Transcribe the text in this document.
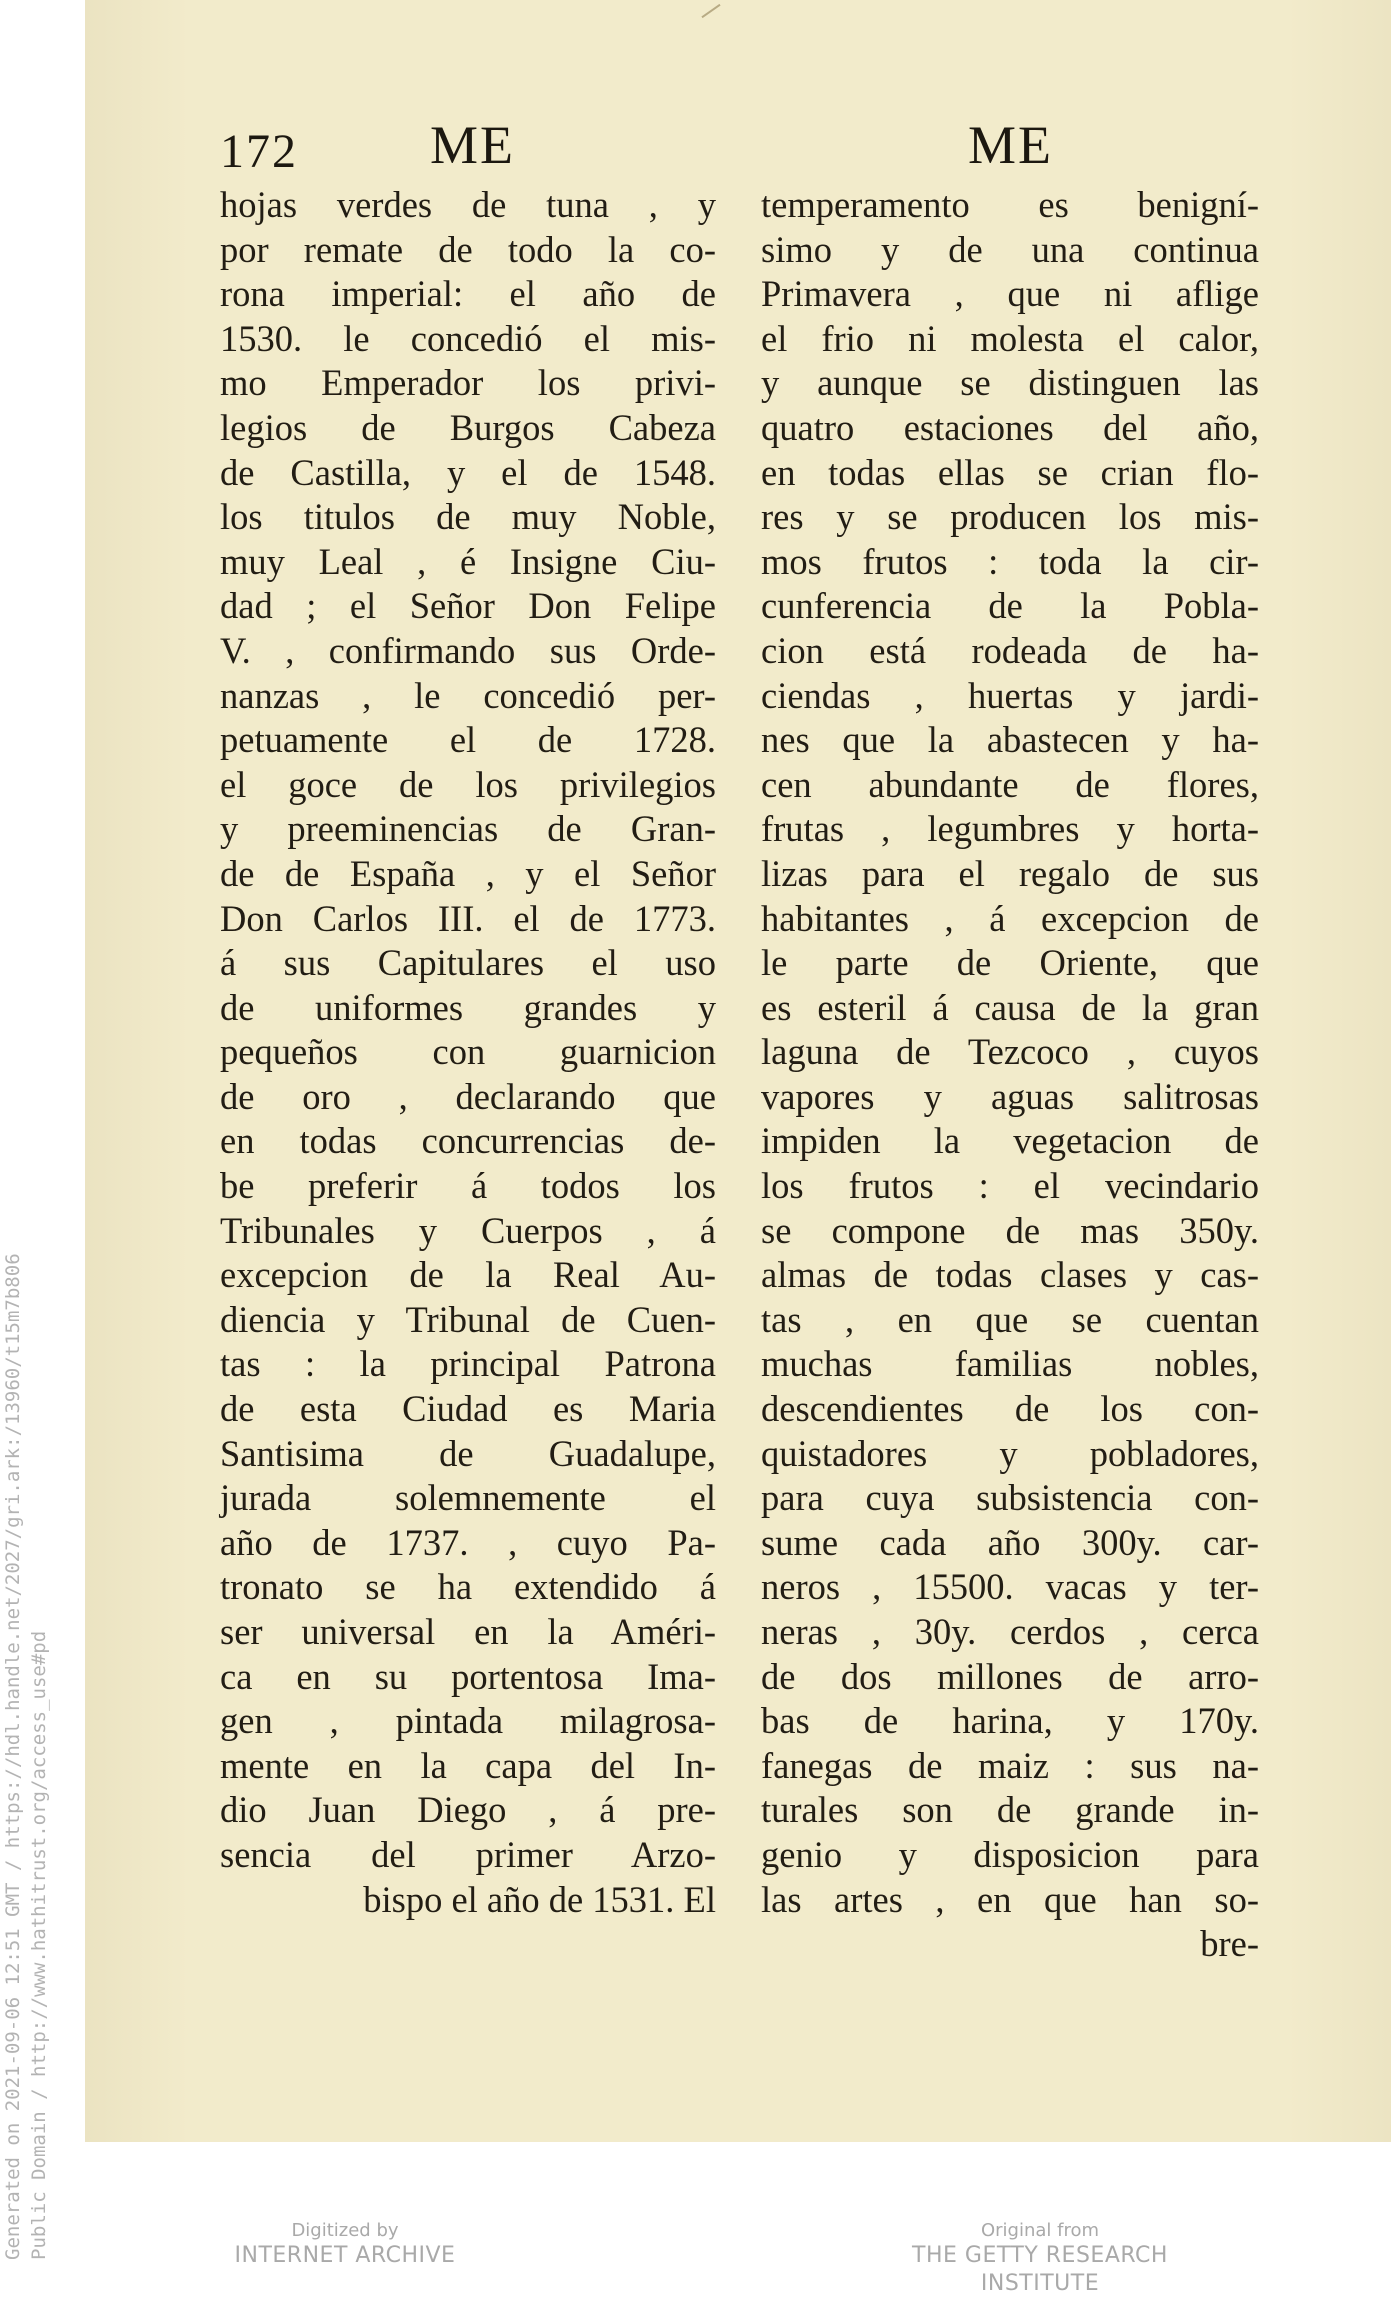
172 ME	ME
hojas verdes de tuna , y
por remate de todo la co-
rona imperial: el año de
1530. le concedió el mis-
mo Emperador los privi-
legios de Burgos Cabeza
de Castilla, y el de 1548.
los titulos de muy Noble,
muy Leal , é Insigne Ciu-
dad ; el Señor Don Felipe
V. , confirmando sus Orde-
nanzas , le concedió per-
petuamente el de 1728.
el goce de los privilegios
y preeminencias de Gran-
de de España , y el Señor
Don Carlos III. el de 1773.
á sus Capitulares el uso
de uniformes grandes y
pequeños con guarnicion
de oro , declarando que
en todas concurrencias de-
be preferir á todos los
Tribunales y Cuerpos , á
excepcion de la Real Au-
diencia y Tribunal de Cuen-
tas : la principal Patrona
de esta Ciudad es Maria
Santisima de Guadalupe,
jurada solemnemente el
año de 1737. , cuyo Pa-
tronato se ha extendido á
ser universal en la Améri-
ca en su portentosa Ima-
gen , pintada milagrosa-
mente en la capa del In-
dio Juan Diego , á pre-
sencia del primer Arzo-
bispo el año de 1531. El
temperamento es benigní-
simo y de una continua
Primavera , que ni aflige
el frio ni molesta el calor,
y aunque se distinguen las
quatro estaciones del año,
en todas ellas se crian flo-
res y se producen los mis-
mos frutos : toda la cir-
cunferencia de la Pobla-
cion está rodeada de ha-
ciendas , huertas y jardi-
nes que la abastecen y ha-
cen abundante de flores,
frutas , legumbres y horta-
lizas para el regalo de sus
habitantes , á excepcion de
le parte de Oriente, que
es esteril á causa de la gran
laguna de Tezcoco , cuyos
vapores y aguas salitrosas
impiden la vegetacion de
los frutos : el vecindario
se compone de mas 350y.
almas de todas clases y cas-
tas , en que se cuentan
muchas familias nobles,
descendientes de los con-
quistadores y pobladores,
para cuya subsistencia con-
sume cada año 300y. car-
neros , 15500. vacas y ter-
neras , 30y. cerdos , cerca
de dos millones de arro-
bas de harina, y 170y.
fanegas de maiz : sus na-
turales son de grande in-
genio y disposicion para
las artes , en que han so-
bre-
Generated on 2021-09-06 12:51 GMT / https://hdl.handle.net/2027/gri.ark:/13960/t15m7b806 Public Domain / http://www.hathitrust.org/access_use#pd	Digitized by
INTERNET ARCHIVE
Original from
THE GETTY RESEARCH INSTITUTE
